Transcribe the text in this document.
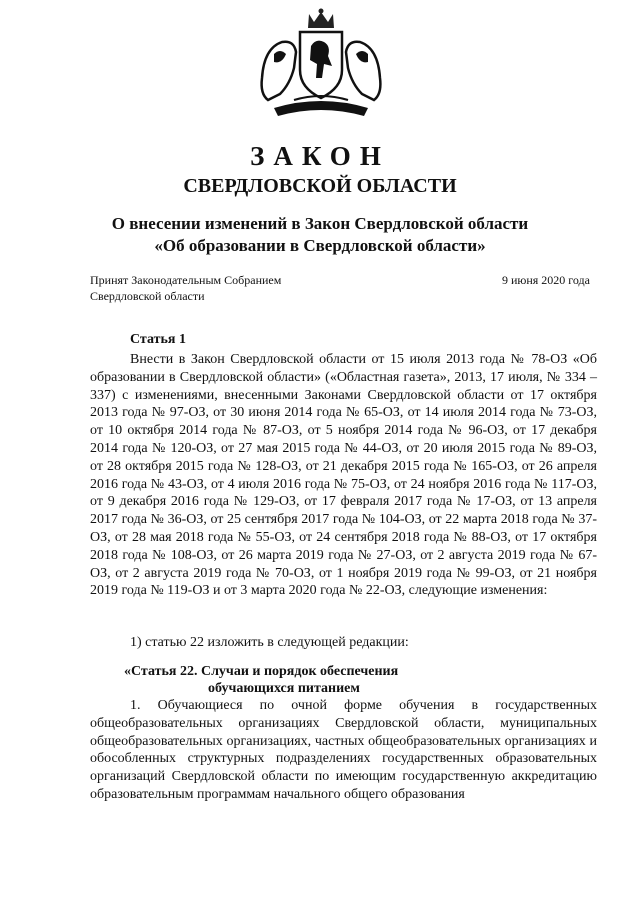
ЗАКОН
СВЕРДЛОВСКОЙ ОБЛАСТИ
О внесении изменений в Закон Свердловской области
«Об образовании в Свердловской области»
Принят Законодательным Собранием
Свердловской области
9 июня 2020 года
Статья 1
Внести в Закон Свердловской области от 15 июля 2013 года № 78-ОЗ «Об образовании в Свердловской области» («Областная газета», 2013, 17 июля, № 334 – 337) с изменениями, внесенными Законами Свердловской области от 17 октября 2013 года № 97-ОЗ, от 30 июня 2014 года № 65-ОЗ, от 14 июля 2014 года № 73-ОЗ, от 10 октября 2014 года № 87-ОЗ, от 5 ноября 2014 года № 96-ОЗ, от 17 декабря 2014 года № 120-ОЗ, от 27 мая 2015 года № 44-ОЗ, от 20 июля 2015 года № 89-ОЗ, от 28 октября 2015 года № 128-ОЗ, от 21 декабря 2015 года № 165-ОЗ, от 26 апреля 2016 года № 43-ОЗ, от 4 июля 2016 года № 75-ОЗ, от 24 ноября 2016 года № 117-ОЗ, от 9 декабря 2016 года № 129-ОЗ, от 17 февраля 2017 года № 17-ОЗ, от 13 апреля 2017 года № 36-ОЗ, от 25 сентября 2017 года № 104-ОЗ, от 22 марта 2018 года № 37-ОЗ, от 28 мая 2018 года № 55-ОЗ, от 24 сентября 2018 года № 88-ОЗ, от 17 октября 2018 года № 108-ОЗ, от 26 марта 2019 года № 27-ОЗ, от 2 августа 2019 года № 67-ОЗ, от 2 августа 2019 года № 70-ОЗ, от 1 ноября 2019 года № 99-ОЗ, от 21 ноября 2019 года № 119-ОЗ и от 3 марта 2020 года № 22-ОЗ, следующие изменения:
1) статью 22 изложить в следующей редакции:
«Статья 22. Случаи и порядок обеспечения
обучающихся питанием
1. Обучающиеся по очной форме обучения в государственных общеобразовательных организациях Свердловской области, муниципальных общеобразовательных организациях, частных общеобразовательных организациях и обособленных структурных подразделениях государственных образовательных организаций Свердловской области по имеющим государственную аккредитацию образовательным программам начального общего образования
